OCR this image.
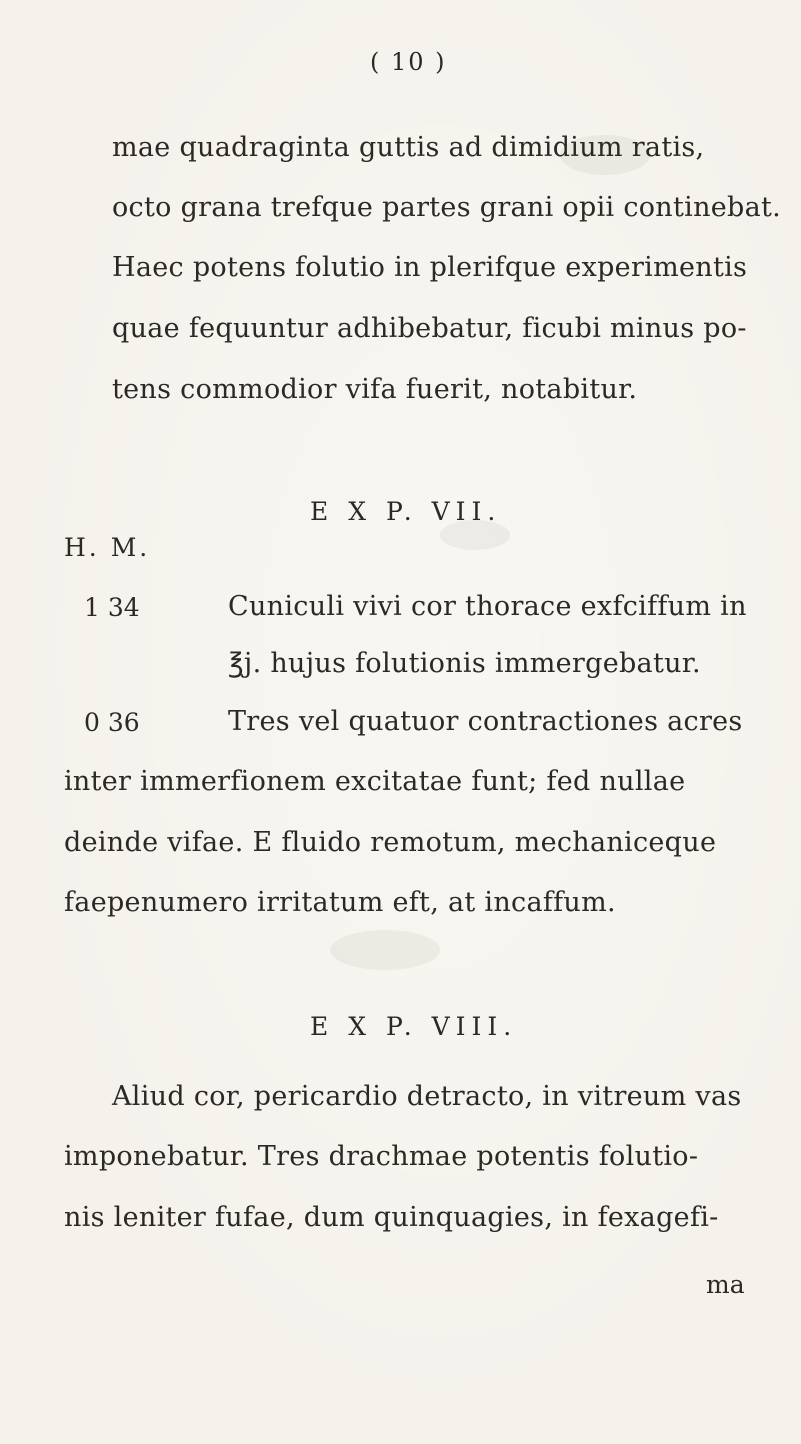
( 10 )
mae quadraginta guttis ad dimidium ratis,
octo grana trefque partes grani opii continebat.
Haec potens folutio in plerifque experimentis
quae fequuntur adhibebatur, ficubi minus po-
tens commodior vifa fuerit, notabitur.
E X P. VII.
H. M.
1 34	Cuniculi vivi cor thorace exfciffum in
℥j. hujus folutionis immergebatur.
0 36	Tres vel quatuor contractiones acres
inter immerfionem excitatae funt; fed nullae
deinde vifae. E fluido remotum, mechaniceque
faepenumero irritatum eft, at incaffum.
E X P. VIII.
Aliud cor, pericardio detracto, in vitreum vas
imponebatur. Tres drachmae potentis folutio-
nis leniter fufae, dum quinquagies, in fexagefi-
ma
